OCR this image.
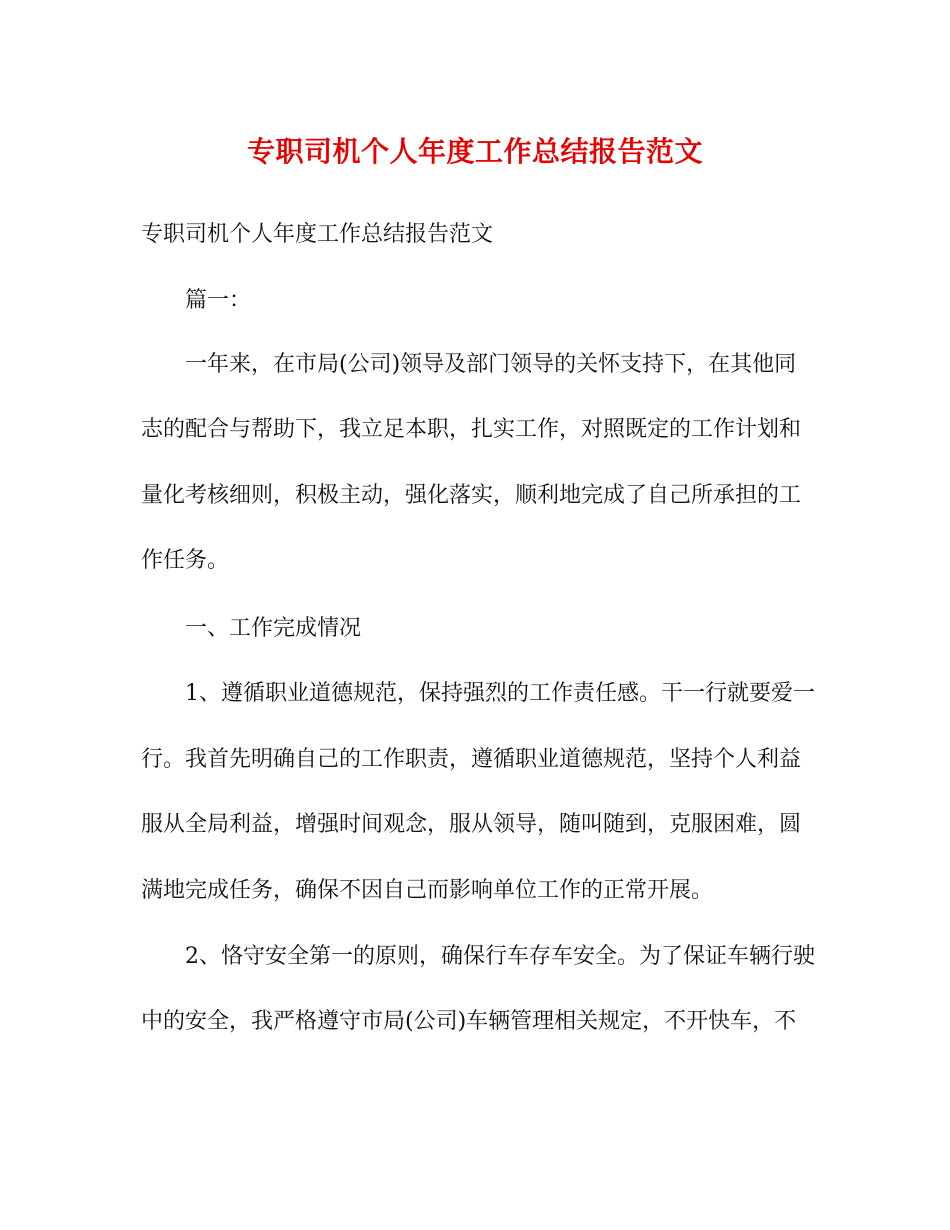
专职司机个人年度工作总结报告范文
专职司机个人年度工作总结报告范文
篇一：
一年来，在市局(公司)领导及部门领导的关怀支持下，在其他同
志的配合与帮助下，我立足本职，扎实工作，对照既定的工作计划和
量化考核细则，积极主动，强化落实，顺利地完成了自己所承担的工
作任务。
一、工作完成情况
1、遵循职业道德规范，保持强烈的工作责任感。干一行就要爱一
行。我首先明确自己的工作职责，遵循职业道德规范，坚持个人利益
服从全局利益，增强时间观念，服从领导，随叫随到，克服困难，圆
满地完成任务，确保不因自己而影响单位工作的正常开展。
2、恪守安全第一的原则，确保行车存车安全。为了保证车辆行驶
中的安全，我严格遵守市局(公司)车辆管理相关规定，不开快车，不
